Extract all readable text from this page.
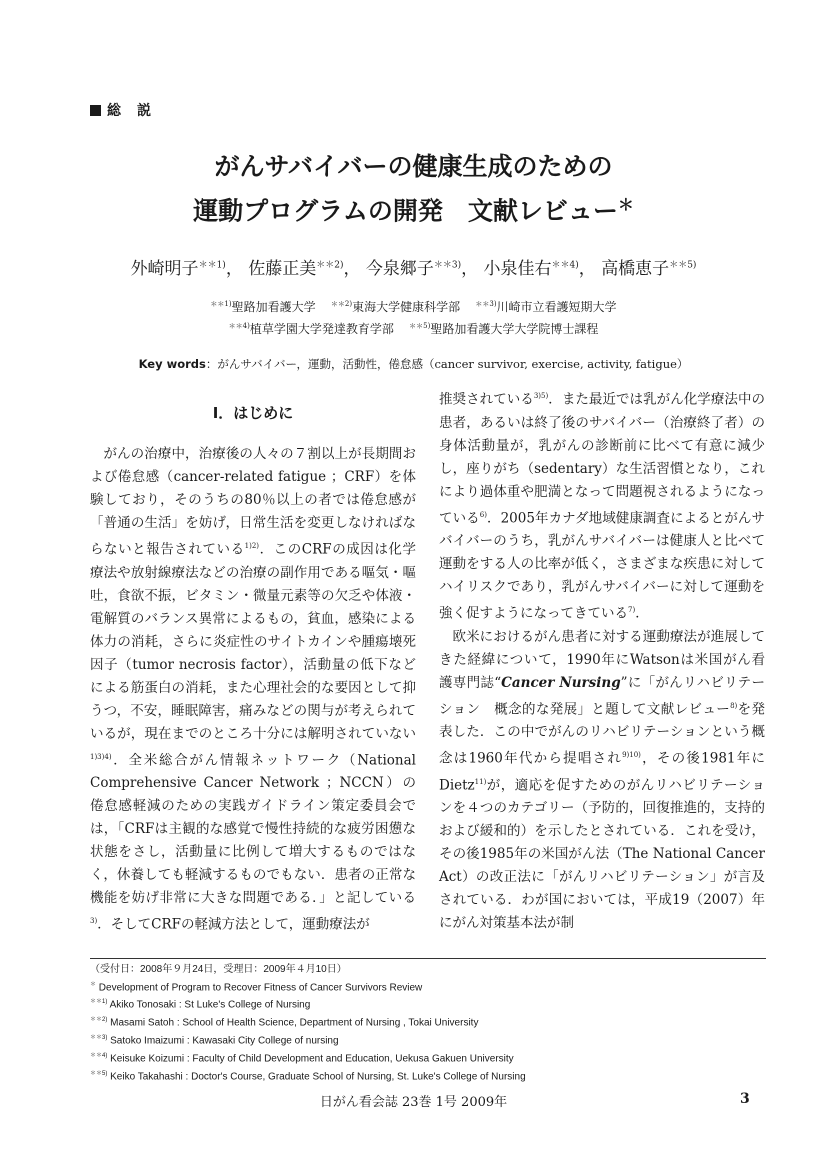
総　説
がんサバイバーの健康生成のための
運動プログラムの開発　文献レビュー＊
外崎明子$^{**1)}$， 佐藤正美$^{**2)}$， 今泉郷子$^{**3)}$， 小泉佳右$^{**4)}$， 高橋恵子$^{**5)}$
$^{**1)}$聖路加看護大学 $^{**2)}$東海大学健康科学部 $^{**3)}$川崎市立看護短期大学
$^{**4)}$植草学園大学発達教育学部 $^{**5)}$聖路加看護大学大学院博士課程
Key words：がんサバイバー，運動，活動性，倦怠感（cancer survivor, exercise, activity, fatigue）
Ⅰ．はじめに

がんの治療中，治療後の人々の７割以上が長期間および倦怠感（cancer-related fatigue ；CRF）を体験しており，そのうちの80％以上の者では倦怠感が「普通の生活」を妨げ，日常生活を変更しなければならないと報告されている$^{1)2)}$．このCRFの成因は化学療法や放射線療法などの治療の副作用である嘔気・嘔吐，食欲不振，ビタミン・微量元素等の欠乏や体液・電解質のバランス異常によるもの，貧血，感染による体力の消耗，さらに炎症性のサイトカインや腫瘍壊死因子（tumor necrosis factor），活動量の低下などによる筋蛋白の消耗，また心理社会的な要因として抑うつ，不安，睡眠障害，痛みなどの関与が考えられているが，現在までのところ十分には解明されていない$^{1)3)4)}$．全米総合がん情報ネットワーク（National Comprehensive Cancer Network ；NCCN）の倦怠感軽減のための実践ガイドライン策定委員会では，「CRFは主観的な感覚で慢性持続的な疲労困憊な状態をさし，活動量に比例して増大するものではなく，休養しても軽減するものでもない．患者の正常な機能を妨げ非常に大きな問題である．」と記している$^{3)}$．そしてCRFの軽減方法として，運動療法が

推奨されている$^{3)5)}$．また最近では乳がん化学療法中の患者，あるいは終了後のサバイバー（治療終了者）の身体活動量が，乳がんの診断前に比べて有意に減少し，座りがち（sedentary）な生活習慣となり，これにより過体重や肥満となって問題視されるようになっている$^{6)}$．2005年カナダ地域健康調査によるとがんサバイバーのうち，乳がんサバイバーは健康人と比べて運動をする人の比率が低く，さまざまな疾患に対してハイリスクであり，乳がんサバイバーに対して運動を強く促すようになってきている$^{7)}$．

欧米におけるがん患者に対する運動療法が進展してきた経緯について，1990年にWatsonは米国がん看護専門誌“Cancer Nursing”に「がんリハビリテーション　概念的な発展」と題して文献レビュー$^{8)}$を発表した．この中でがんのリハビリテーションという概念は1960年代から提唱され$^{9)10)}$，その後1981年にDietz$^{11)}$が，適応を促すためのがんリハビリテーションを４つのカテゴリー（予防的，回復推進的，支持的および緩和的）を示したとされている．これを受け，その後1985年の米国がん法（The National Cancer Act）の改正法に「がんリハビリテーション」が言及されている．わが国においては，平成19（2007）年にがん対策基本法が制

（受付日：2008年９月24日，受理日：2009年４月10日）
＊ Development of Program to Recover Fitness of Cancer Survivors Review
$^{**1)}$ Akiko Tonosaki : St Luke's College of Nursing
$^{**2)}$ Masami Satoh : School of Health Science, Department of Nursing , Tokai University
$^{**3)}$ Satoko Imaizumi : Kawasaki City College of nursing
$^{**4)}$ Keisuke Koizumi : Faculty of Child Development and Education, Uekusa Gakuen University
$^{**5)}$ Keiko Takahashi : Doctor's Course, Graduate School of Nursing, St. Luke's College of Nursing
日がん看会誌 23巻 1号 2009年	3
